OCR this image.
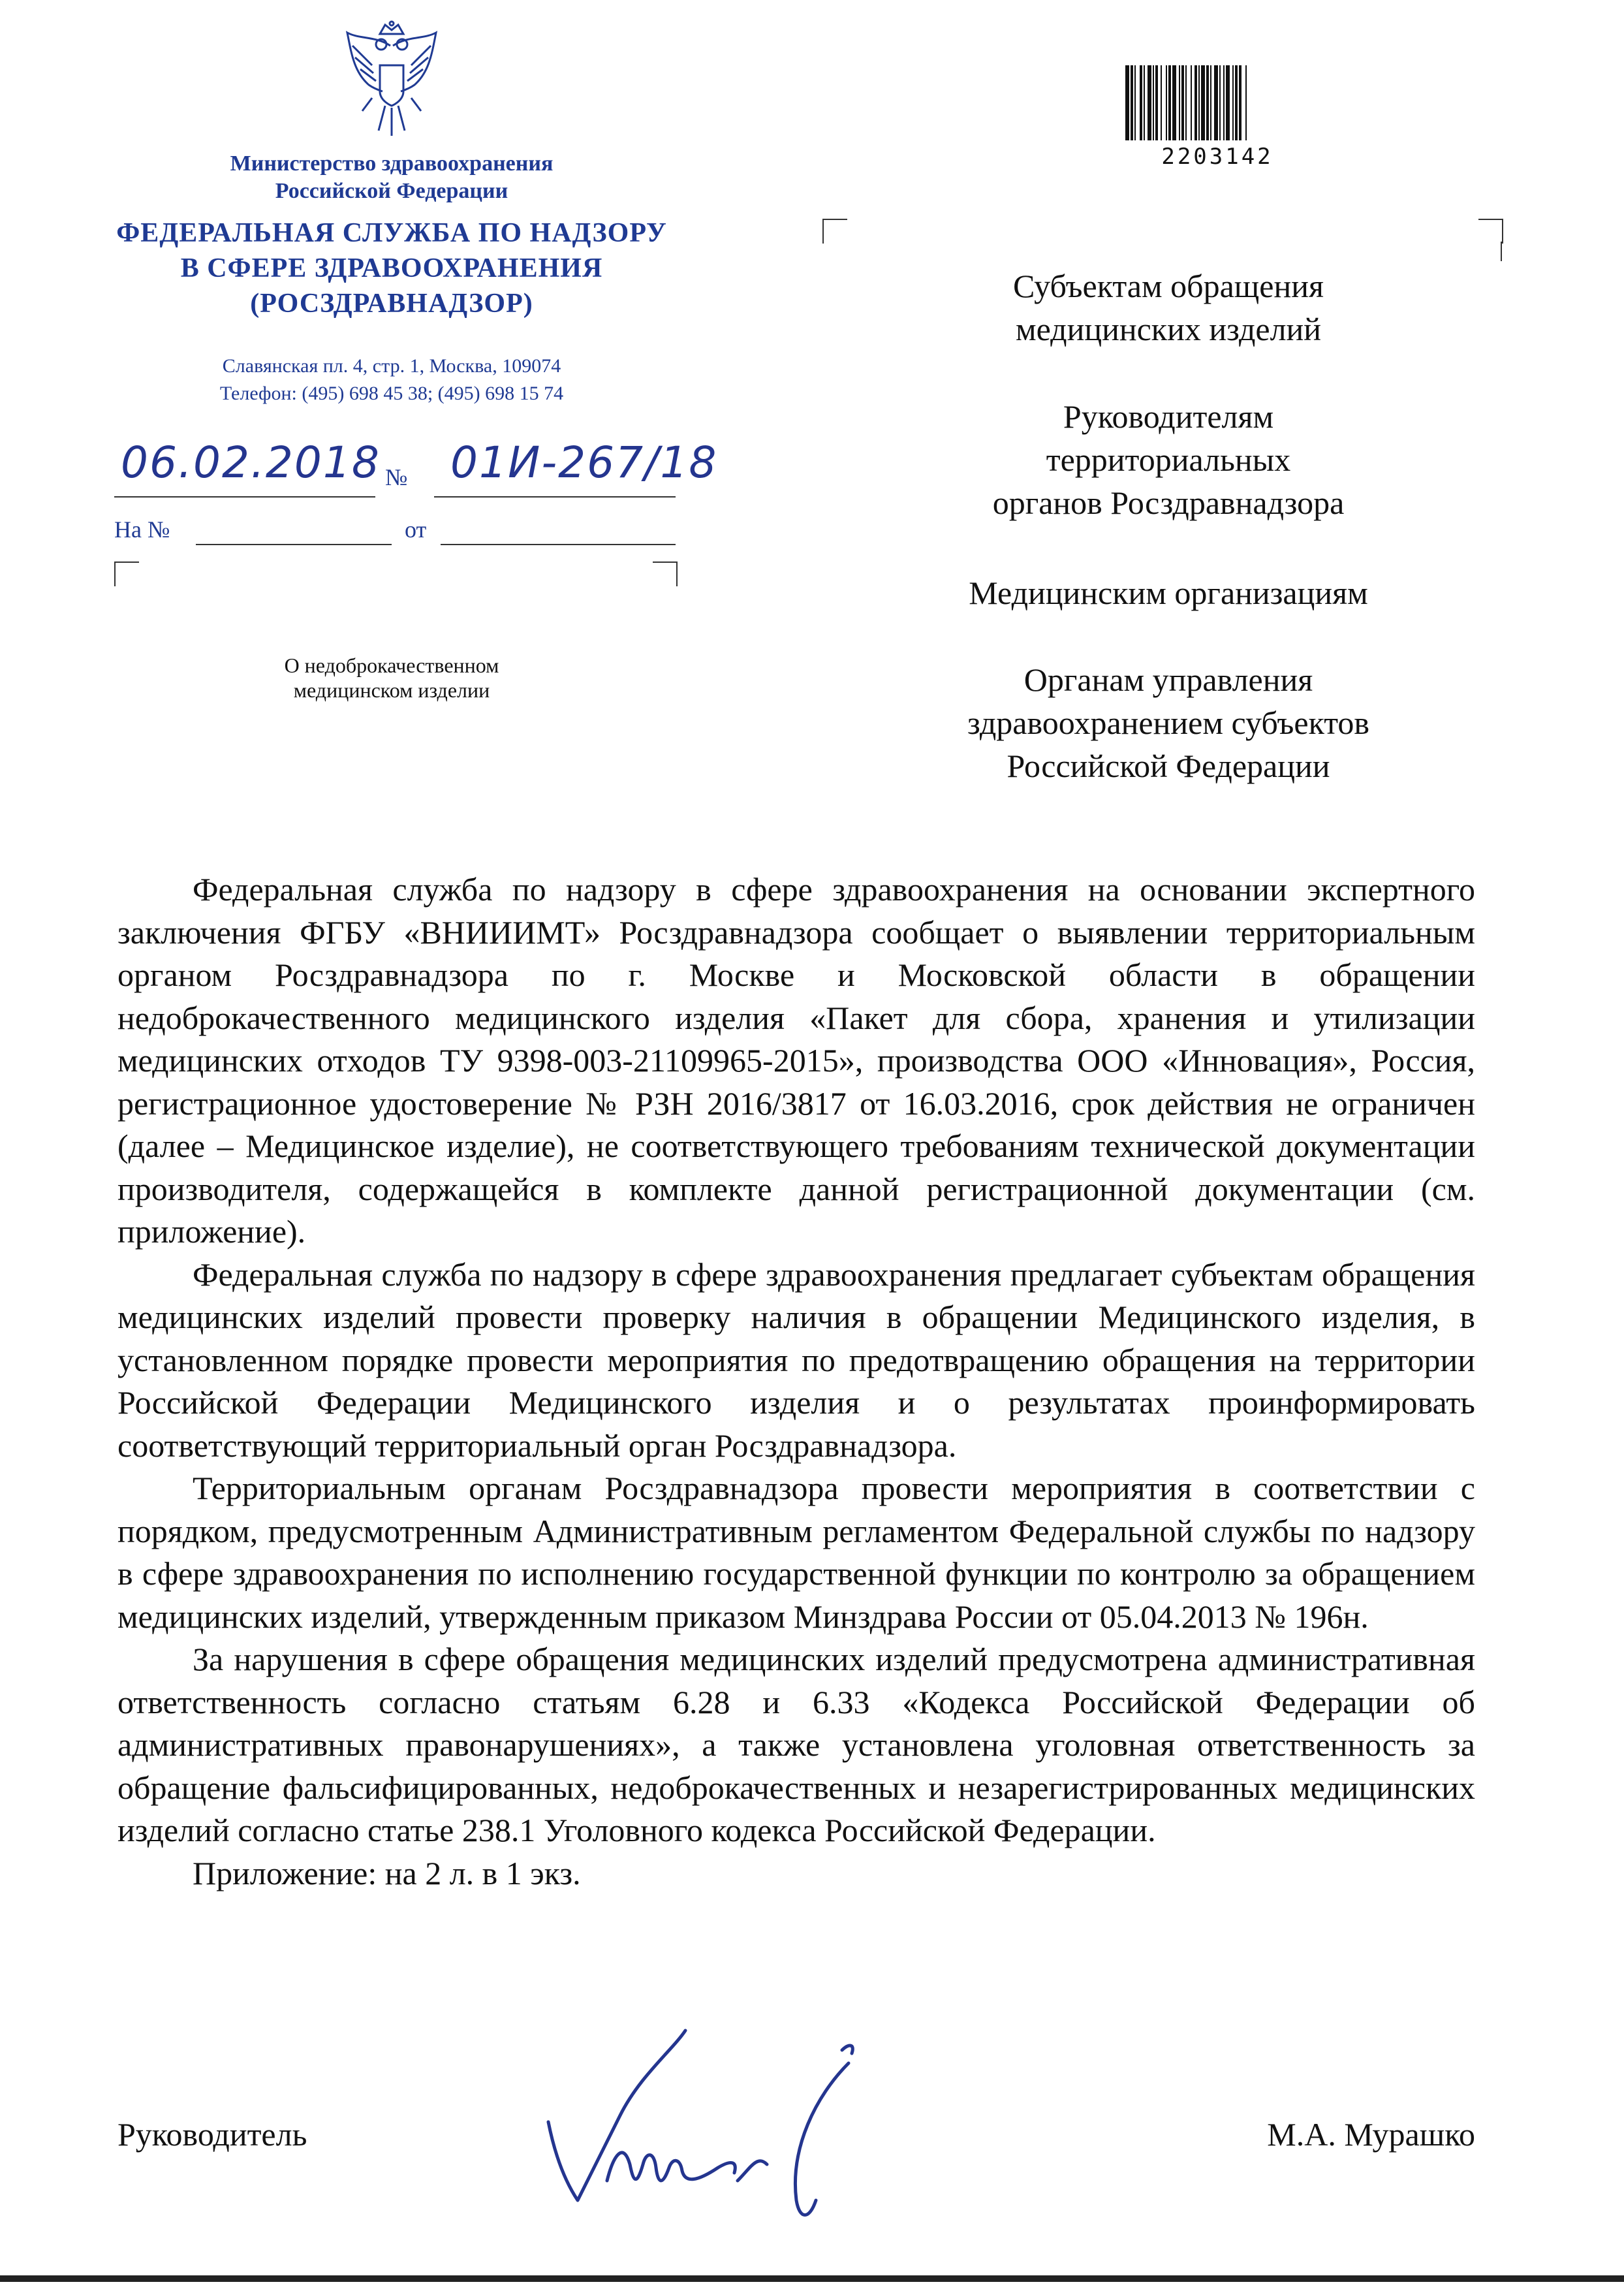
Министерство здравоохранения
Российской Федерации
ФЕДЕРАЛЬНАЯ СЛУЖБА ПО НАДЗОРУ
В СФЕРЕ ЗДРАВООХРАНЕНИЯ
(РОСЗДРАВНАДЗОР)
Славянская пл. 4, стр. 1, Москва, 109074
Телефон: (495) 698 45 38; (495) 698 15 74
06.02.2018 № 01И-267/18
На №	от
О недоброкачественном
медицинском изделии
2203142
Субъектам обращения
медицинских изделий
Руководителям
территориальных
органов Росздравнадзора
Медицинским организациям
Органам управления
здравоохранением субъектов
Российской Федерации

Федеральная служба по надзору в сфере здравоохранения на основании экспертного заключения ФГБУ «ВНИИИМТ» Росздравнадзора сообщает о выявлении территориальным органом Росздравнадзора по г. Москве и Московской области в обращении недоброкачественного медицинского изделия «Пакет для сбора, хранения и утилизации медицинских отходов ТУ 9398-003-21109965-2015», производства ООО «Инновация», Россия, регистрационное удостоверение № РЗН 2016/3817 от 16.03.2016, срок действия не ограничен (далее – Медицинское изделие), не соответствующего требованиям технической документации производителя, содержащейся в комплекте данной регистрационной документации (см. приложение).

Федеральная служба по надзору в сфере здравоохранения предлагает субъектам обращения медицинских изделий провести проверку наличия в обращении Медицинского изделия, в установленном порядке провести мероприятия по предотвращению обращения на территории Российской Федерации Медицинского изделия и о результатах проинформировать соответствующий территориальный орган Росздравнадзора.

Территориальным органам Росздравнадзора провести мероприятия в соответствии с порядком, предусмотренным Административным регламентом Федеральной службы по надзору в сфере здравоохранения по исполнению государственной функции по контролю за обращением медицинских изделий, утвержденным приказом Минздрава России от 05.04.2013 № 196н.

За нарушения в сфере обращения медицинских изделий предусмотрена административная ответственность согласно статьям 6.28 и 6.33 «Кодекса Российской Федерации об административных правонарушениях», а также установлена уголовная ответственность за обращение фальсифицированных, недоброкачественных и незарегистрированных медицинских изделий согласно статье 238.1 Уголовного кодекса Российской Федерации.

Приложение: на 2 л. в 1 экз.

Руководитель	М.А. Мурашко
